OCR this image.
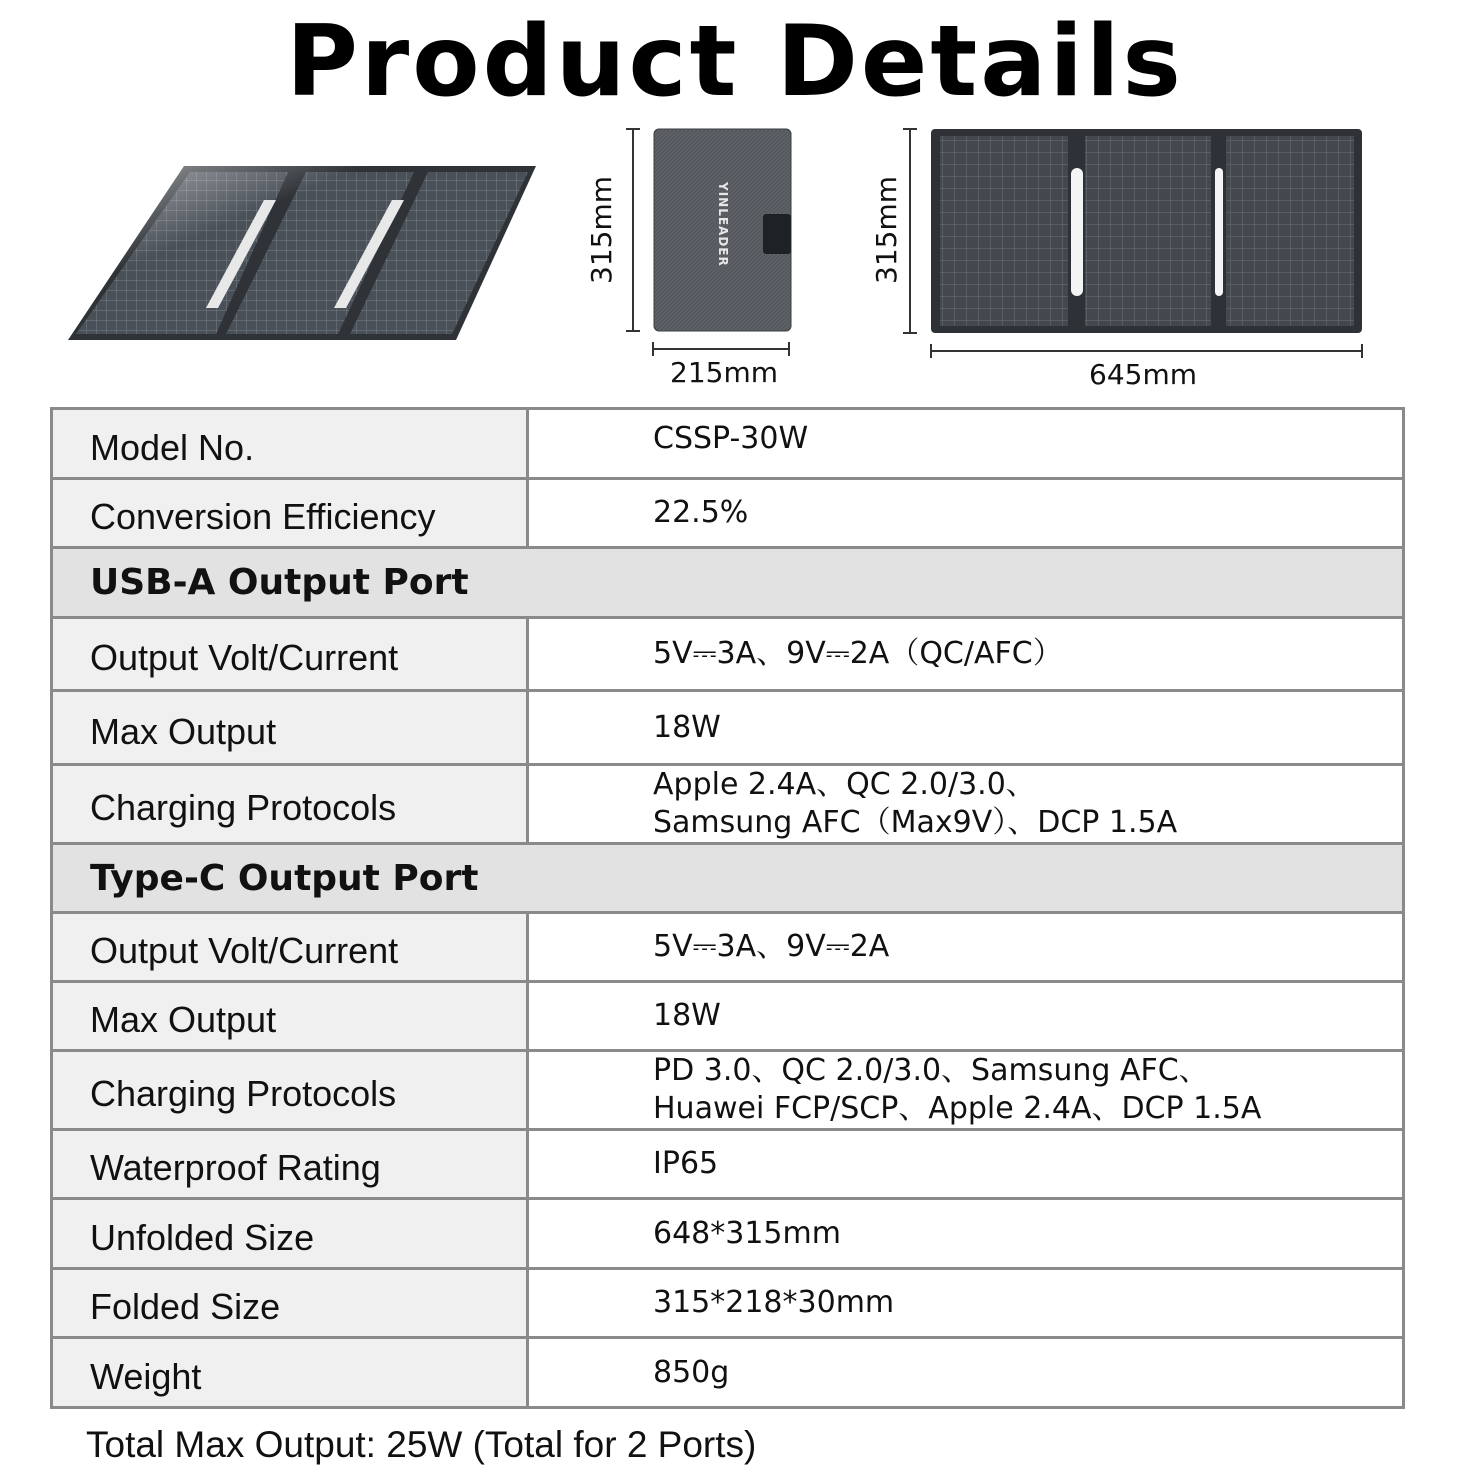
Product Details
315mm	YINLEADER
215mm
315mm
645mm
Model No.	CSSP-30W
Conversion Efficiency	22.5%
USB-A Output Port	
Output Volt/Current	5V⎓3A、9V⎓2A（QC/AFC）
Max Output	18W
Charging Protocols	Apple 2.4A、QC 2.0/3.0、
Samsung AFC（Max9V）、DCP 1.5A

Type-C Output Port	
Output Volt/Current	5V⎓3A、9V⎓2A
Max Output	18W
Charging Protocols	PD 3.0、QC 2.0/3.0、Samsung AFC、
Huawei FCP/SCP、Apple 2.4A、DCP 1.5A

Waterproof Rating	IP65
Unfolded Size	648*315mm
Folded Size	315*218*30mm
Weight	850g
Total Max Output: 25W (Total for 2 Ports)
